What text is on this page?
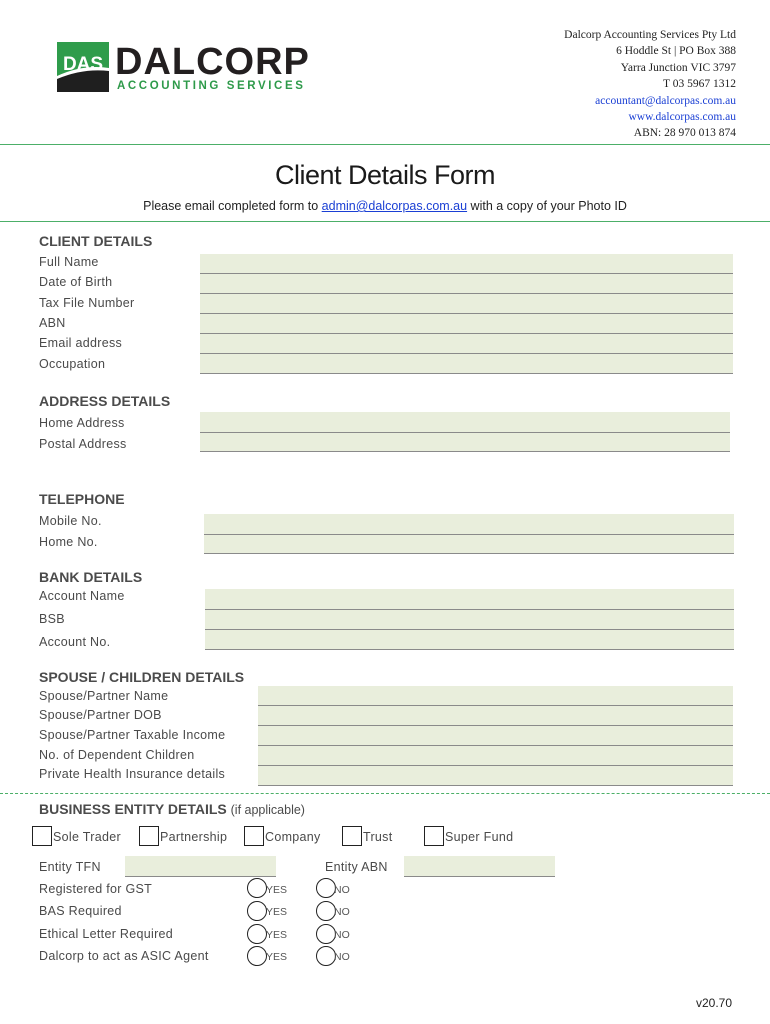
DAS DALCORP
ACCOUNTING SERVICES
Dalcorp Accounting Services Pty Ltd
6 Hoddle St | PO Box 388
Yarra Junction VIC 3797
T 03 5967 1312
accountant@dalcorpas.com.au
www.dalcorpas.com.au
ABN: 28 970 013 874
Client Details Form
Please email completed form to admin@dalcorpas.com.au with a copy of your Photo ID
CLIENT DETAILS
Full Name
Date of Birth
Tax File Number
ABN
Email address
Occupation
ADDRESS DETAILS
Home Address
Postal Address
TELEPHONE
Mobile No.
Home No.
BANK DETAILS
Account Name
BSB
Account No.
SPOUSE / CHILDREN DETAILS
Spouse/Partner Name
Spouse/Partner DOB
Spouse/Partner Taxable Income
No. of Dependent Children
Private Health Insurance details
BUSINESS ENTITY DETAILS (if applicable)
Sole Trader	Partnership	Company	Trust	Super Fund
Entity TFN	Entity ABN
Registered for GST	YES	NO
BAS Required	YES	NO
Ethical Letter Required	YES	NO
Dalcorp to act as ASIC Agent	YES	NO
v20.70
